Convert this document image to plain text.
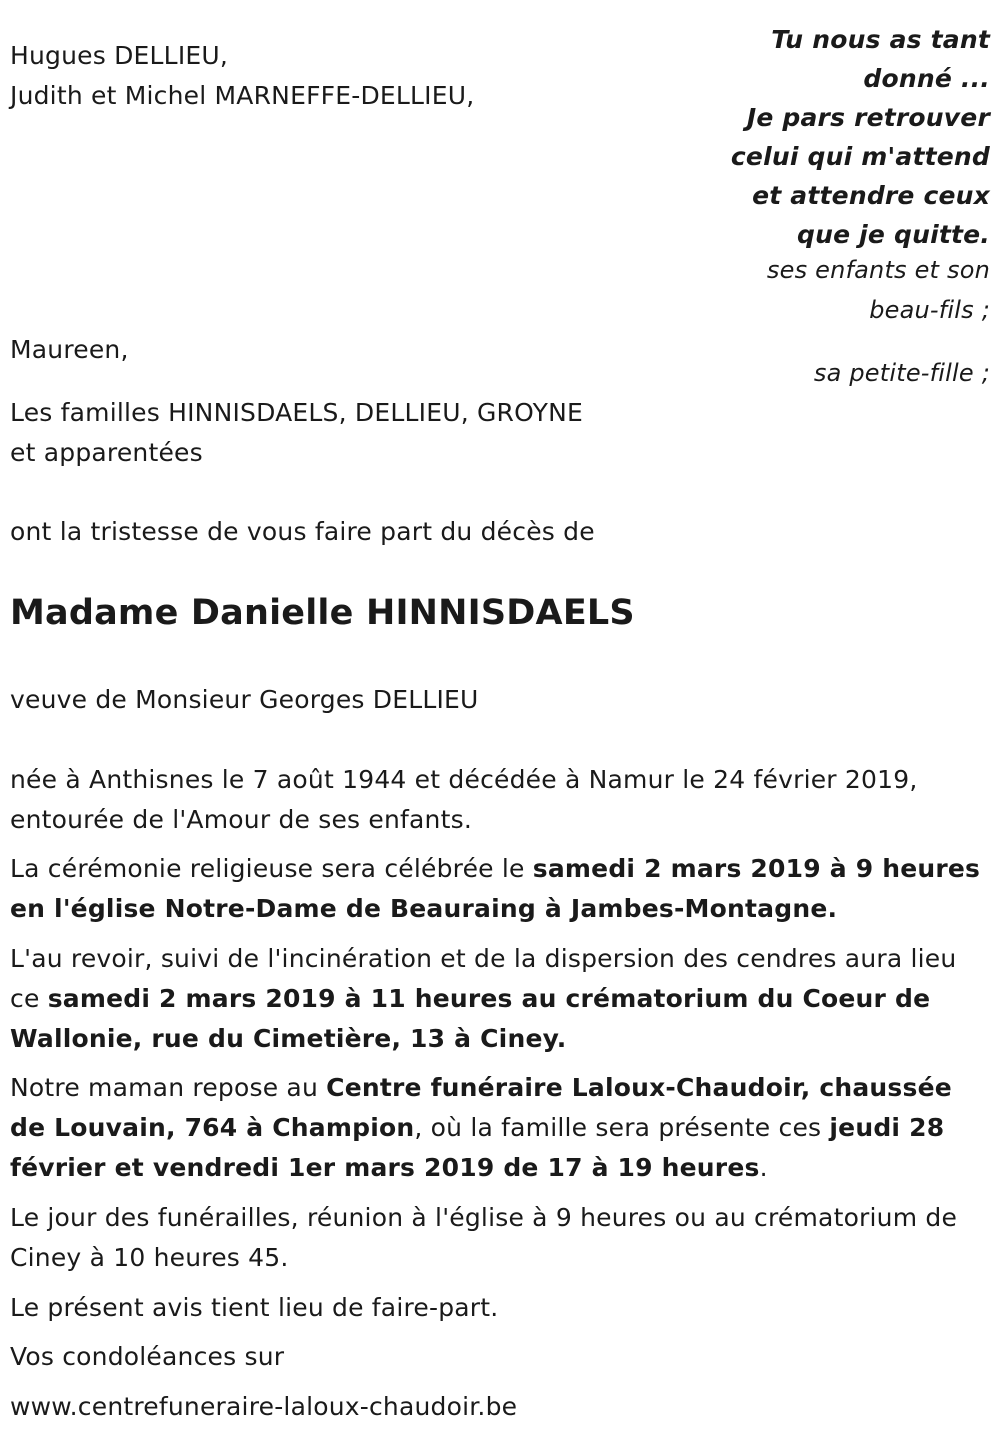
Hugues DELLIEU,
Judith et Michel MARNEFFE-DELLIEU,
Tu nous as tant
donné ...
Je pars retrouver
celui qui m'attend
et attendre ceux
que je quitte.
ses enfants et son
beau-fils ;
Maureen,
sa petite-fille ;
Les familles HINNISDAELS, DELLIEU, GROYNE
et apparentées
ont la tristesse de vous faire part du décès de
Madame Danielle HINNISDAELS
veuve de Monsieur Georges DELLIEU
née à Anthisnes le 7 août 1944 et décédée à Namur le 24 février 2019,
entourée de l'Amour de ses enfants.
La cérémonie religieuse sera célébrée le samedi 2 mars 2019 à 9 heures en l'église Notre-Dame de Beauraing à Jambes-Montagne.
L'au revoir, suivi de l'incinération et de la dispersion des cendres aura lieu ce samedi 2 mars 2019 à 11 heures au crématorium du Coeur de Wallonie, rue du Cimetière, 13 à Ciney.
Notre maman repose au Centre funéraire Laloux-Chaudoir, chaussée de Louvain, 764 à Champion, où la famille sera présente ces jeudi 28 février et vendredi 1er mars 2019 de 17 à 19 heures.
Le jour des funérailles, réunion à l'église à 9 heures ou au crématorium de Ciney à 10 heures 45.
Le présent avis tient lieu de faire-part.
Vos condoléances sur
www.centrefuneraire-laloux-chaudoir.be
